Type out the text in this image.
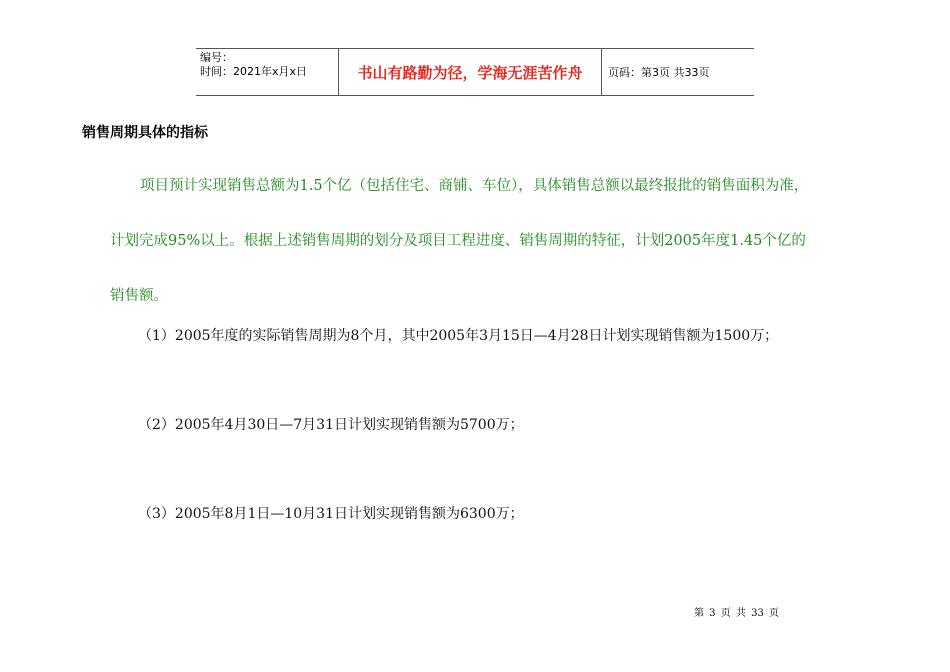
编号：
时间：2021年x月x日	书山有路勤为径，学海无涯苦作舟	页码：第3页 共33页
销售周期具体的指标
项目预计实现销售总额为1.5个亿（包括住宅、商铺、车位），具体销售总额以最终报批的销售面积为准，
计划完成95%以上。根据上述销售周期的划分及项目工程进度、销售周期的特征，计划2005年度1.45个亿的
销售额。
（1）2005年度的实际销售周期为8个月，其中2005年3月15日—4月28日计划实现销售额为1500万；
（2）2005年4月30日—7月31日计划实现销售额为5700万；
（3）2005年8月1日—10月31日计划实现销售额为6300万；
第 3 页 共 33 页
